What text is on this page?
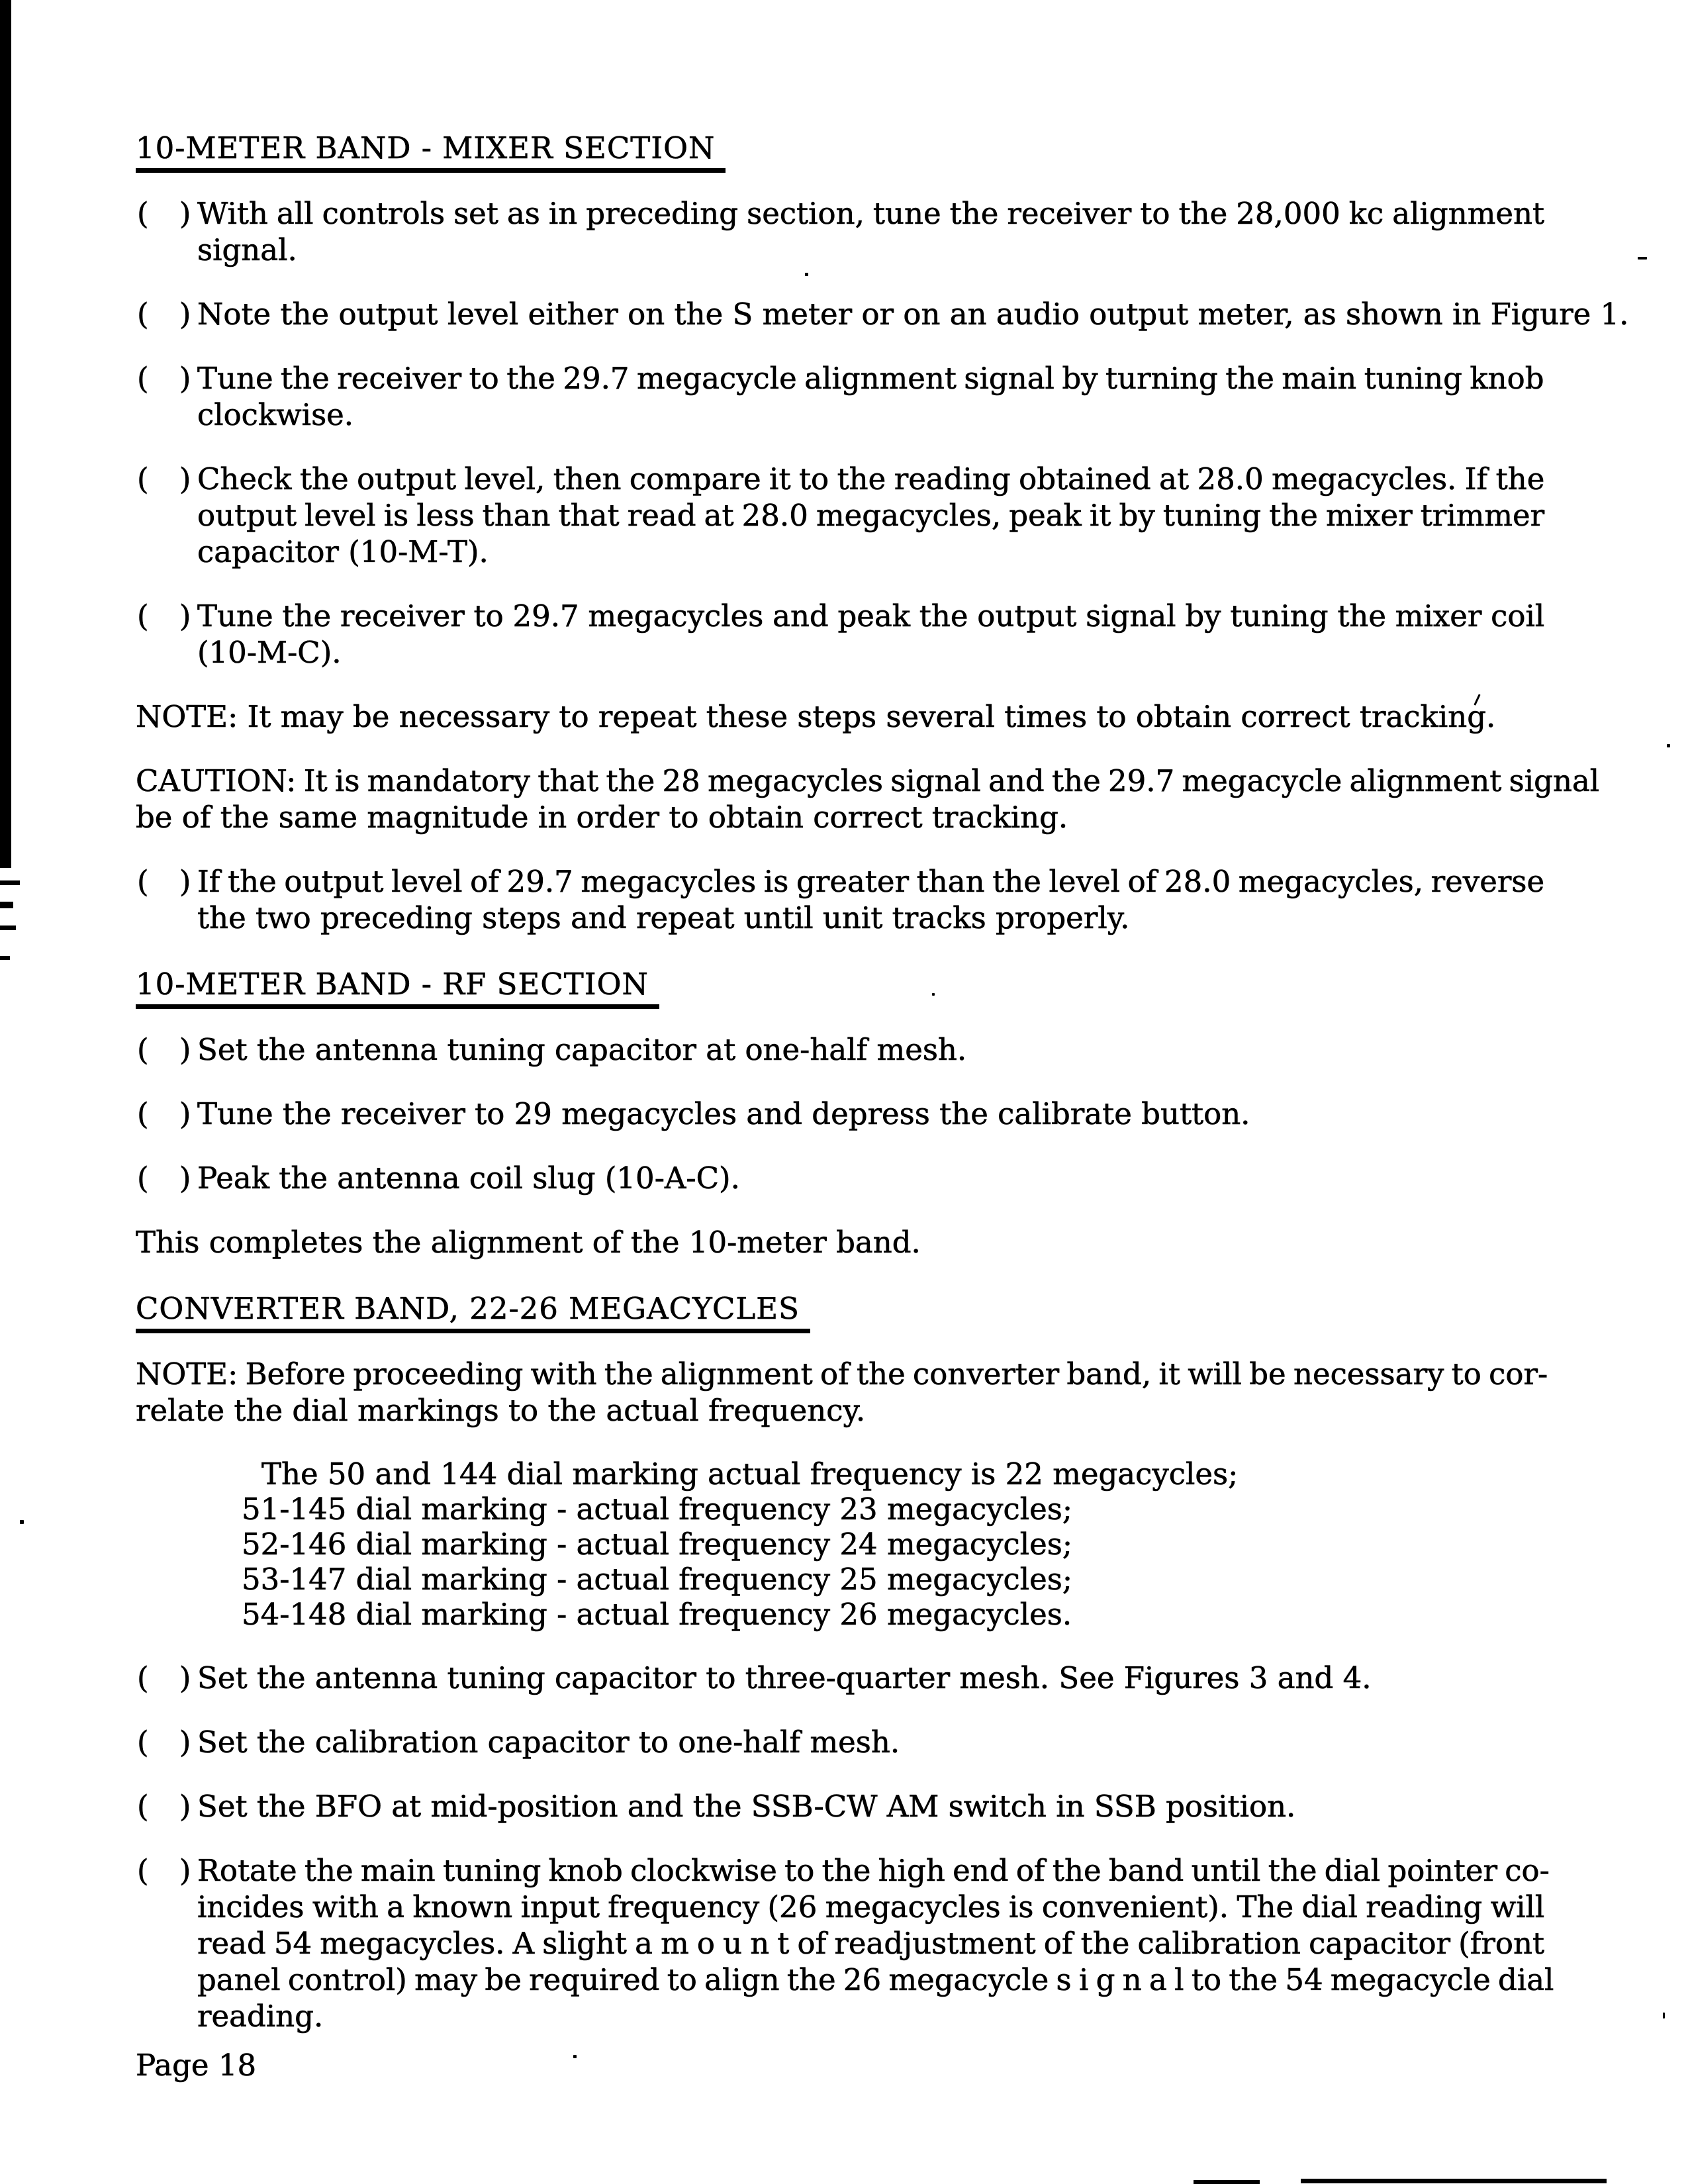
10-METER BAND - MIXER SECTION
( )
With all controls set as in preceding section, tune the receiver to the 28,000 kc alignment
signal.
( )
Note the output level either on the S meter or on an audio output meter, as shown in Figure 1.
( )
Tune the receiver to the 29.7 megacycle alignment signal by turning the main tuning knob
clockwise.
( )
Check the output level, then compare it to the reading obtained at 28.0 megacycles. If the
output level is less than that read at 28.0 megacycles, peak it by tuning the mixer trimmer
capacitor (10-M-T).
( )
Tune the receiver to 29.7 megacycles and peak the output signal by tuning the mixer coil
(10-M-C).
NOTE: It may be necessary to repeat these steps several times to obtain correct tracking.
CAUTION: It is mandatory that the 28 megacycles signal and the 29.7 megacycle alignment signal
be of the same magnitude in order to obtain correct tracking.
( )
If the output level of 29.7 megacycles is greater than the level of 28.0 megacycles, reverse
the two preceding steps and repeat until unit tracks properly.
10-METER BAND - RF SECTION
( )
Set the antenna tuning capacitor at one-half mesh.
( )
Tune the receiver to 29 megacycles and depress the calibrate button.
( )
Peak the antenna coil slug (10-A-C).
This completes the alignment of the 10-meter band.
CONVERTER BAND, 22-26 MEGACYCLES
NOTE: Before proceeding with the alignment of the converter band, it will be necessary to cor-
relate the dial markings to the actual frequency.
The 50 and 144 dial marking actual frequency is 22 megacycles;
51-145 dial marking - actual frequency 23 megacycles;
52-146 dial marking - actual frequency 24 megacycles;
53-147 dial marking - actual frequency 25 megacycles;
54-148 dial marking - actual frequency 26 megacycles.
( )
Set the antenna tuning capacitor to three-quarter mesh. See Figures 3 and 4.
( )
Set the calibration capacitor to one-half mesh.
( )
Set the BFO at mid-position and the SSB-CW AM switch in SSB position.
( )
Rotate the main tuning knob clockwise to the high end of the band until the dial pointer co-
incides with a known input frequency (26 megacycles is convenient). The dial reading will
read 54 megacycles. A slight a m o u n t of readjustment of the calibration capacitor (front
panel control) may be required to align the 26 megacycle s i g n a l to the 54 megacycle dial
reading.
Page 18
